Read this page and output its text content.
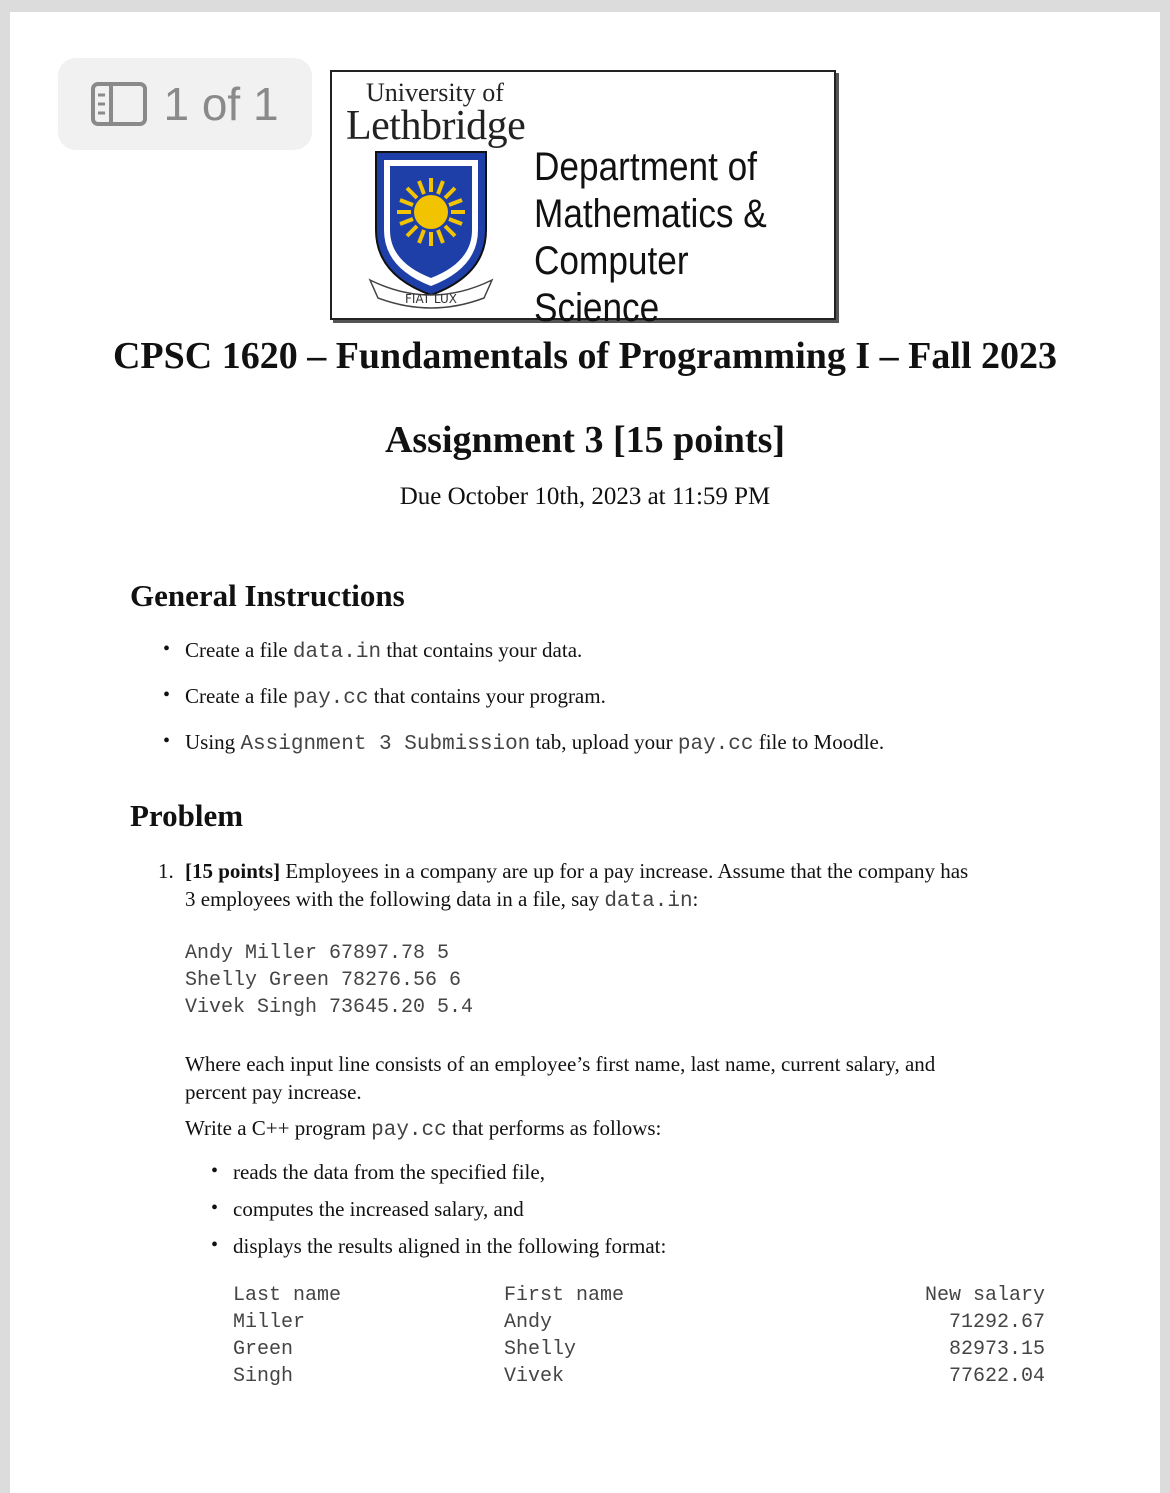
1 of 1	University of
Lethbridge
FIAT LUX
Department of
Mathematics &
Computer Science
CPSC 1620 – Fundamentals of Programming I – Fall 2023
Assignment 3 [15 points]
Due October 10th, 2023 at 11:59 PM
General Instructions
• Create a file data.in that contains your data.
• Create a file pay.cc that contains your program.
• Using Assignment 3 Submission tab, upload your pay.cc file to Moodle.
Problem
1. [15 points] Employees in a company are up for a pay increase. Assume that the company has
3 employees with the following data in a file, say data.in:
Andy Miller 67897.78 5
Shelly Green 78276.56 6
Vivek Singh 73645.20 5.4
Where each input line consists of an employee’s first name, last name, current salary, and
percent pay increase.
Write a C++ program pay.cc that performs as follows:
• reads the data from the specified file,
• computes the increased salary, and
• displays the results aligned in the following format:
Last name	First name	New salary
Miller	Andy	71292.67
Green	Shelly	82973.15
Singh	Vivek	77622.04
